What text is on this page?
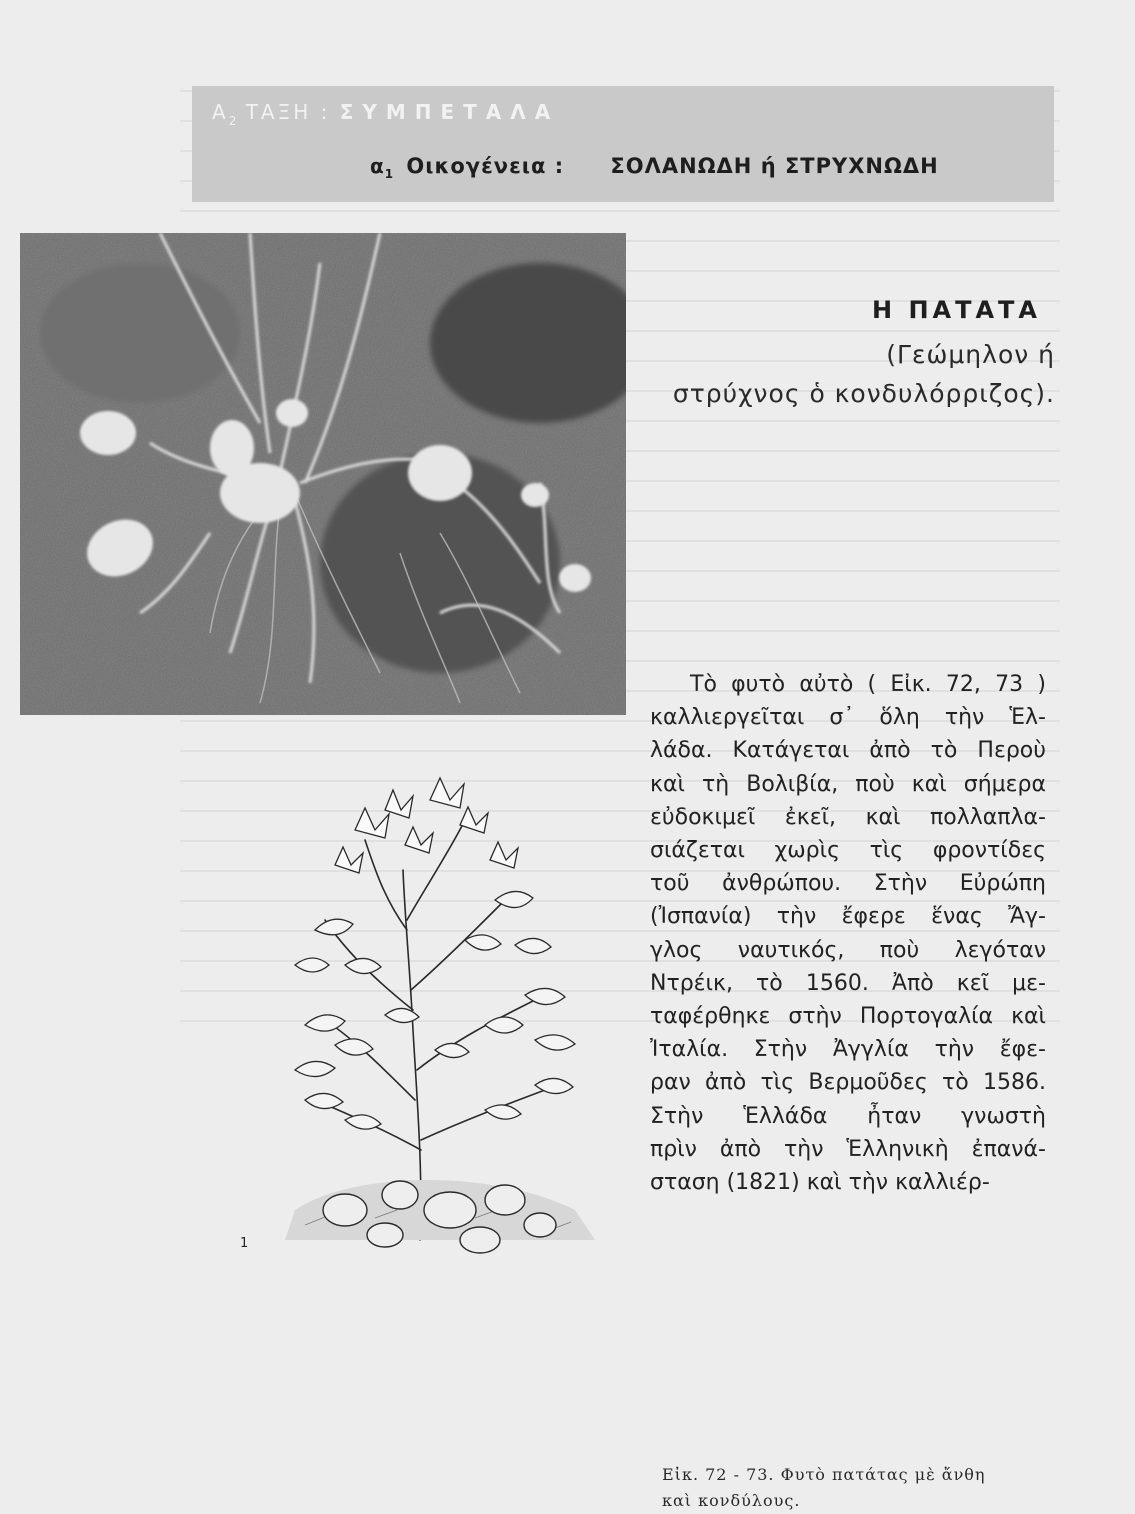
$A_2$ ΤΑΞΗ : ΣΥΜΠΕΤΑΛΑ
$\alpha_1$ Οικογένεια : ΣΟΛΑΝΩΔΗ ή ΣΤΡΥΧΝΩΔΗ
Η ΠΑΤΑΤΑ
(Γεώμηλον ή
στρύχνος ὁ κονδυλόρριζος).
Τὸ φυτὸ αὐτὸ ( Εἰκ. 72, 73 )
καλλιεργεῖται σ᾽ ὅλη τὴν Ἑλ-
λάδα. Κατάγεται ἀπὸ τὸ Περοὺ
καὶ τὴ Βολιβία, ποὺ καὶ σήμερα
εὐδοκιμεῖ ἐκεῖ, καὶ πολλαπλα-
σιάζεται χωρὶς τὶς φροντίδες
τοῦ ἀνθρώπου. Στὴν Εὐρώπη
(Ἰσπανία) τὴν ἔφερε ἕνας Ἄγ-
γλος ναυτικός, ποὺ λεγόταν
Ντρέικ, τὸ 1560. Ἀπὸ κεῖ με-
ταφέρθηκε στὴν Πορτογαλία καὶ
Ἰταλία. Στὴν Ἀγγλία τὴν ἔφε-
ραν ἀπὸ τὶς Βερμοῦδες τὸ 1586.
Στὴν Ἑλλάδα ἦταν γνωστὴ
πρὶν ἀπὸ τὴν Ἑλληνικὴ ἐπανά-
σταση (1821) καὶ τὴν καλλιέρ-
1
Εἰκ. 72 - 73. Φυτὸ πατάτας μὲ ἄνθη
καὶ κονδύλους.
